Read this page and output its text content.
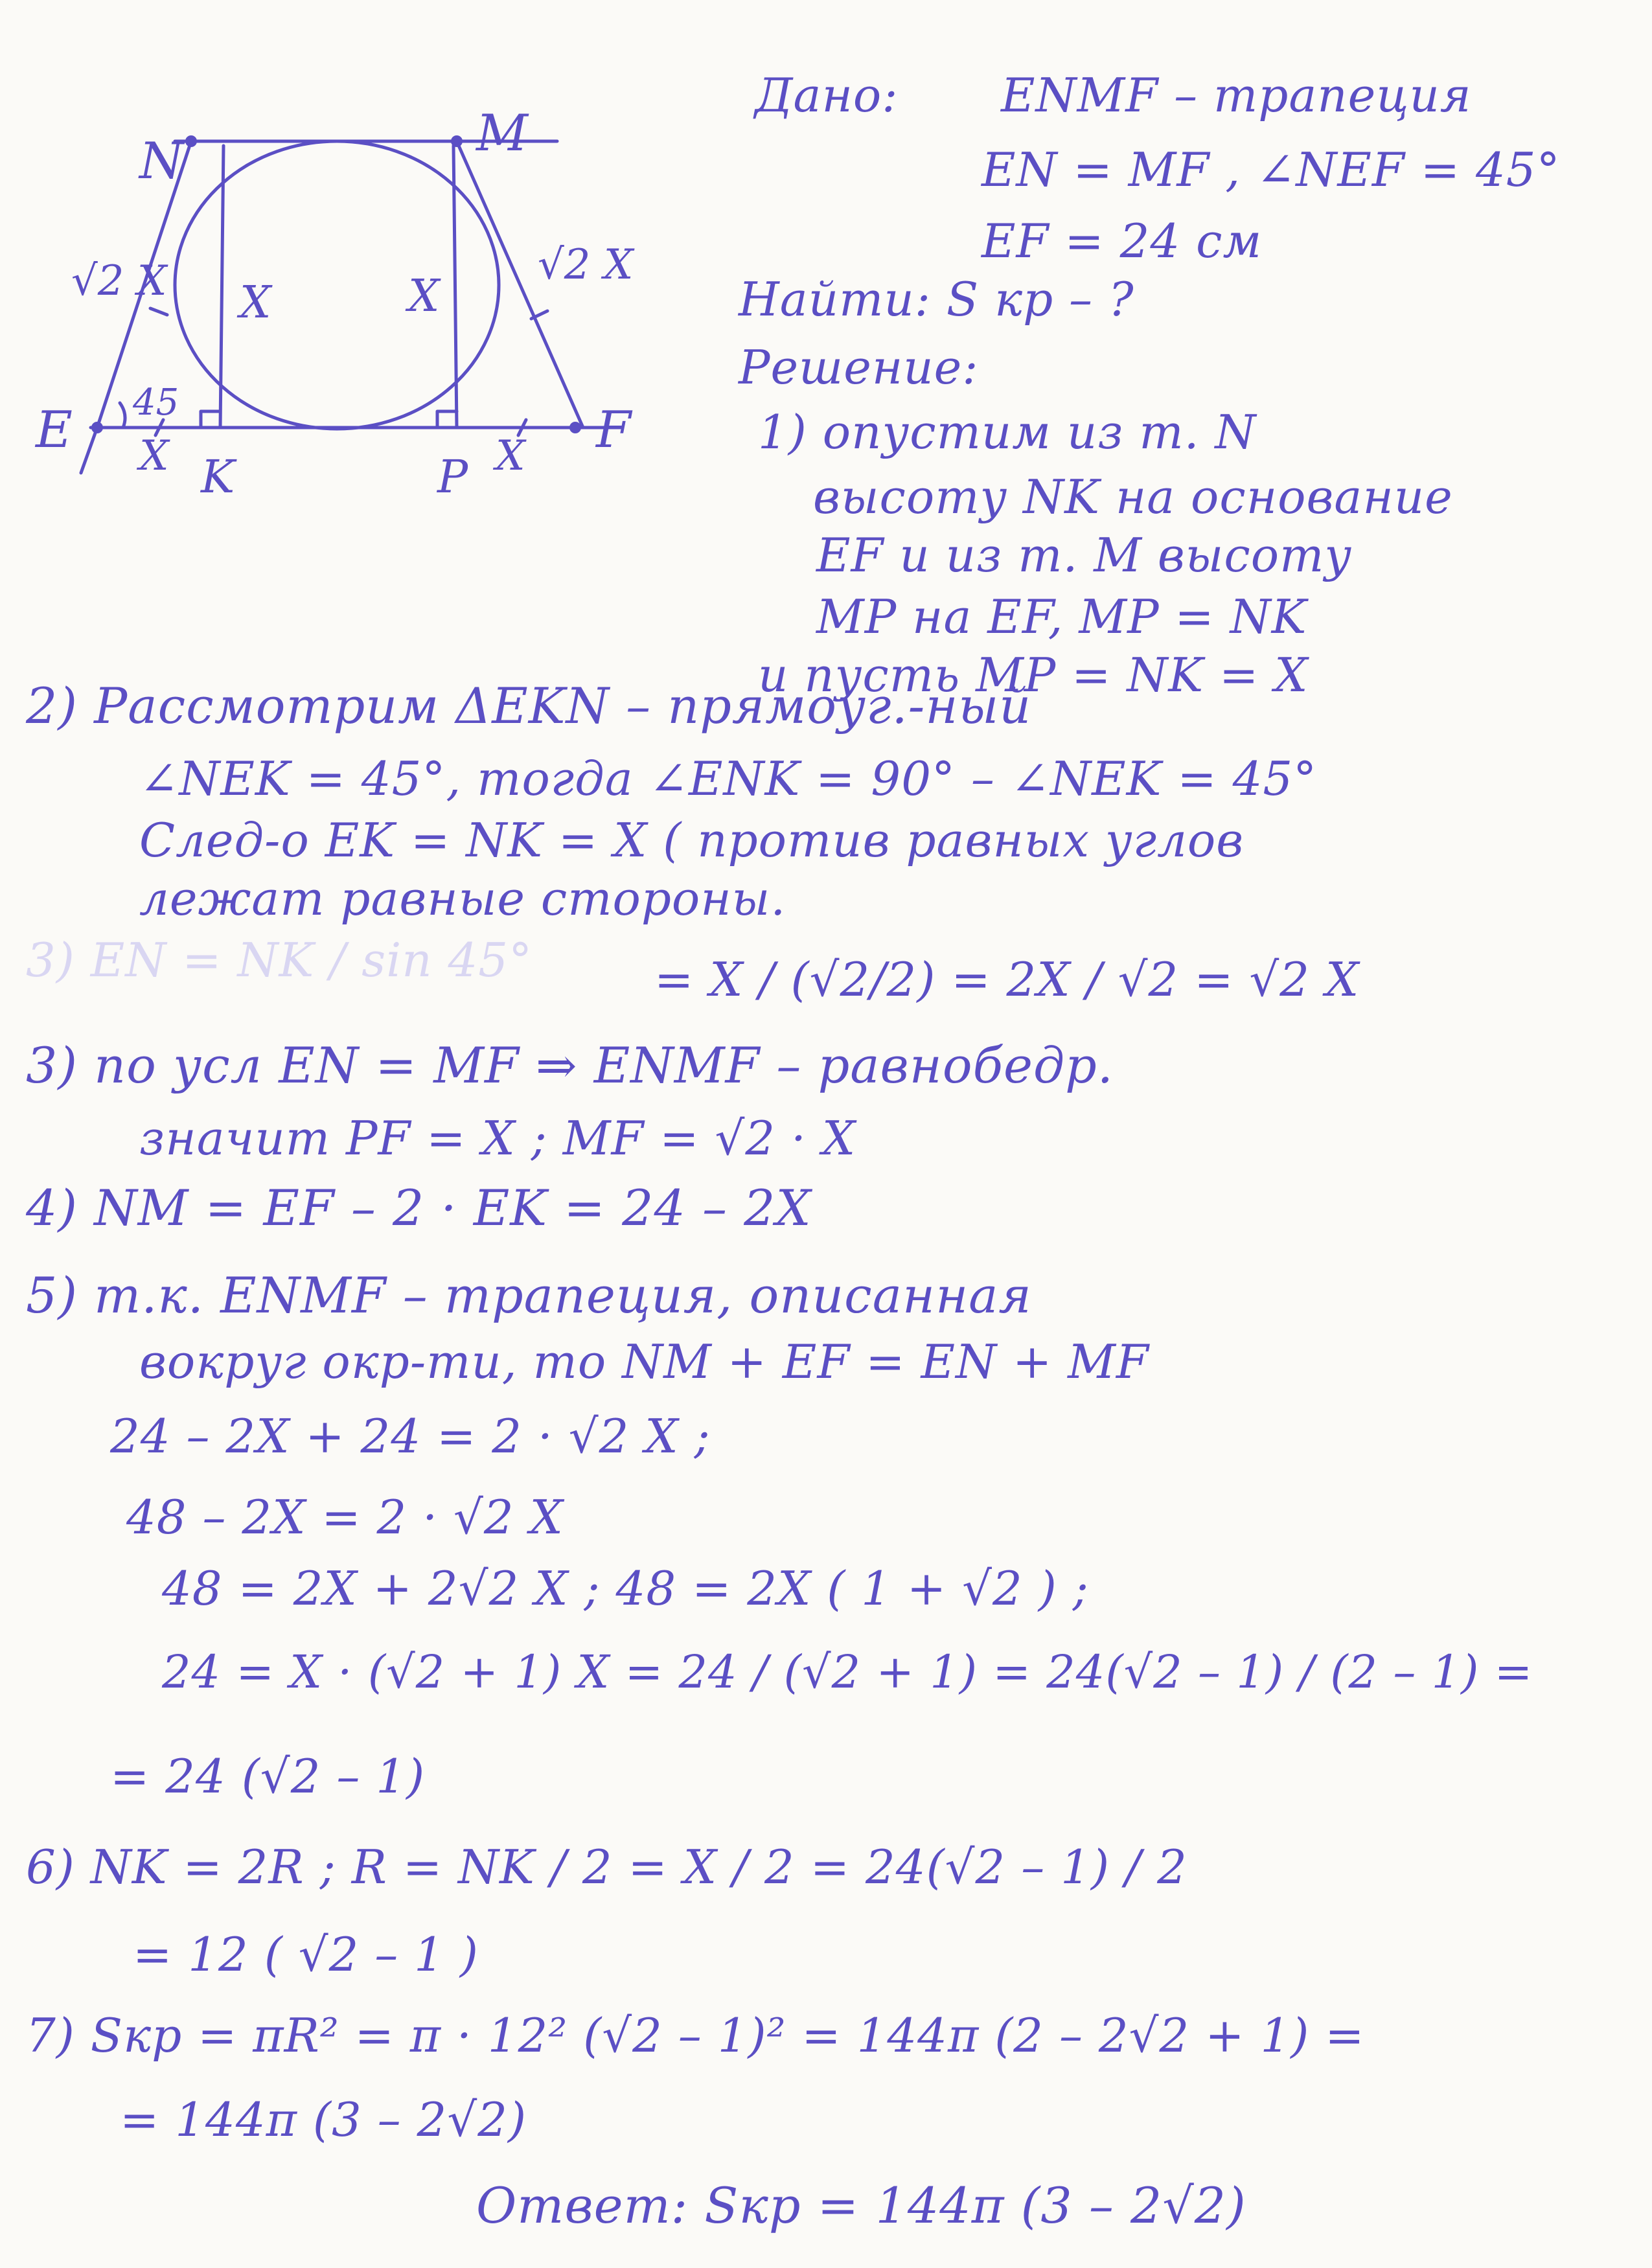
N	M
E	F
K	P
√2 X	√2 X
X	X
45
X	X
Дано: ENMF – трапеция
EN = MF , ∠NEF = 45°
EF = 24 см
Найти: S кр – ?
Решение:
1) опустим из т. N
высоту NK на основание
EF и из т. M высоту
MP на EF, MP = NK
и пусть MP = NK = X
2) Рассмотрим ΔEKN – прямоуг.-ный
∠NEK = 45°, тогда ∠ENK = 90° – ∠NEK = 45°
След-о EK = NK = X ( против равных углов
лежат равные стороны.
3) EN = NK / sin 45°	= X / (√2/2) = 2X / √2 = √2 X
3) по усл EN = MF ⇒ ENMF – равнобедр.
значит PF = X ; MF = √2 · X
4) NM = EF – 2 · EK = 24 – 2X
5) т.к. ENMF – трапеция, описанная
вокруг окр-ти, то NM + EF = EN + MF
24 – 2X + 24 = 2 · √2 X ;
48 – 2X = 2 · √2 X
48 = 2X + 2√2 X ; 48 = 2X ( 1 + √2 ) ;
24 = X · (√2 + 1) X = 24 / (√2 + 1) = 24(√2 – 1) / (2 – 1) =
= 24 (√2 – 1)
6) NK = 2R ; R = NK / 2 = X / 2 = 24(√2 – 1) / 2
= 12 ( √2 – 1 )
7) Sкр = πR² = π · 12² (√2 – 1)² = 144π (2 – 2√2 + 1) =
= 144π (3 – 2√2)
Ответ: Sкр = 144π (3 – 2√2)
